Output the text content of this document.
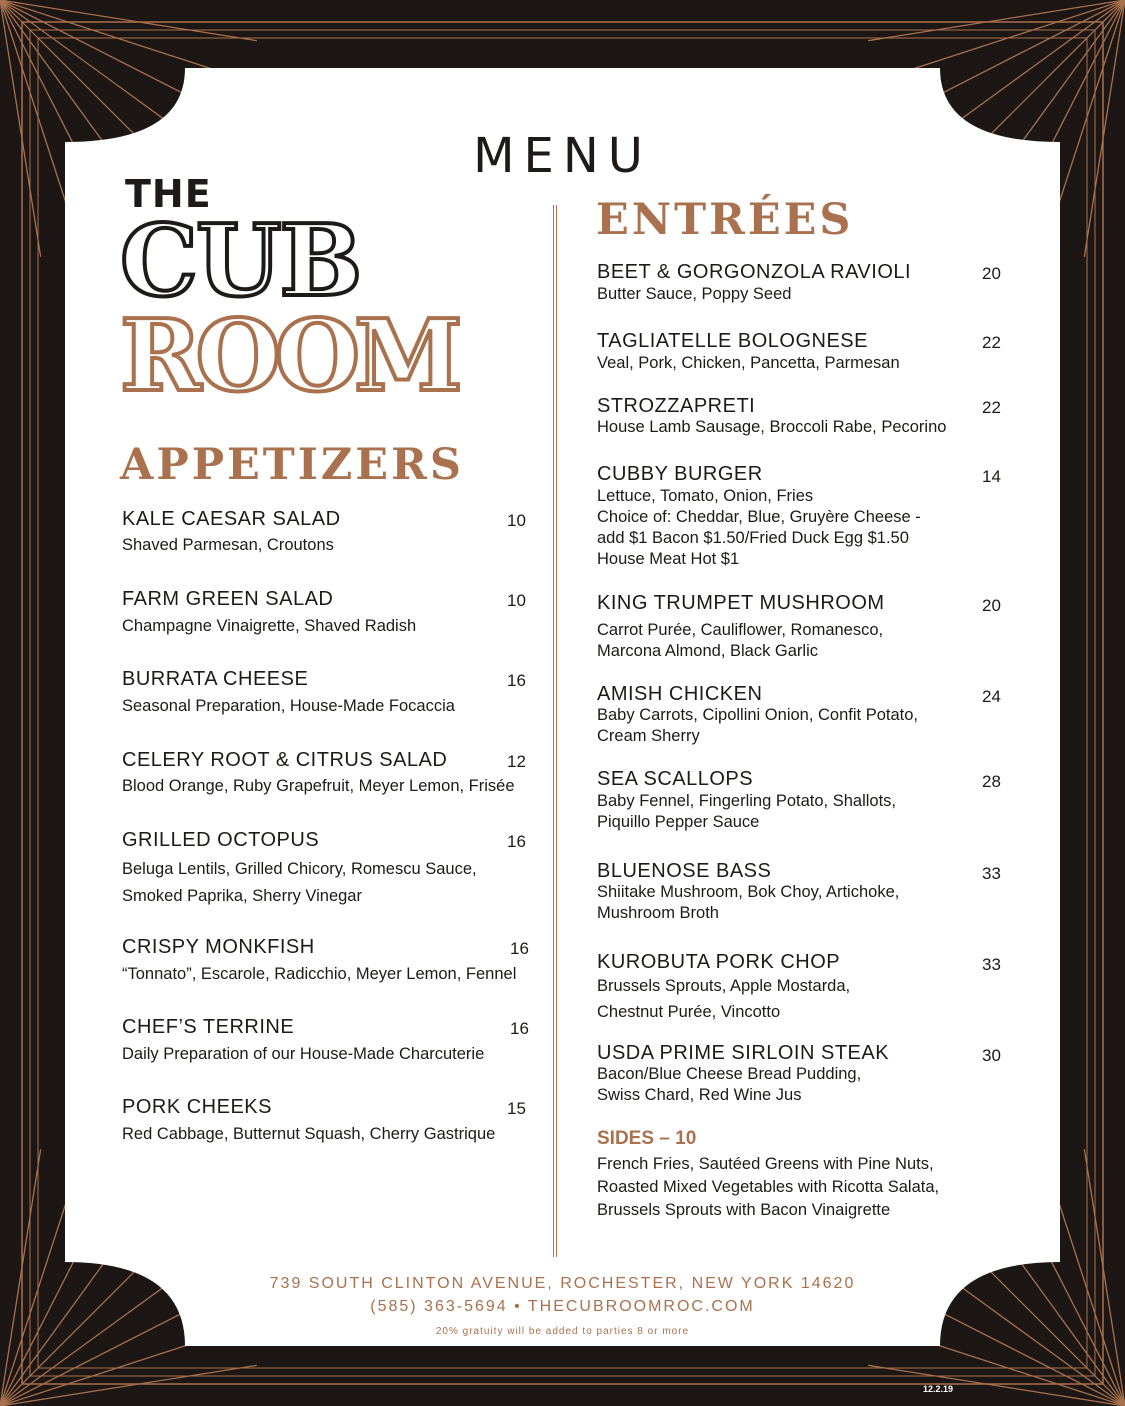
MENU
THE
CUB
ROOM
APPETIZERS
ENTRÉES
KALE CAESAR SALAD
Shaved Parmesan, Croutons
10
FARM GREEN SALAD
Champagne Vinaigrette, Shaved Radish
10
BURRATA CHEESE
Seasonal Preparation, House-Made Focaccia
16
CELERY ROOT & CITRUS SALAD
Blood Orange, Ruby Grapefruit, Meyer Lemon, Frisée
12
GRILLED OCTOPUS
Beluga Lentils, Grilled Chicory, Romescu Sauce,
Smoked Paprika, Sherry Vinegar
16
CRISPY MONKFISH
“Tonnato”, Escarole, Radicchio, Meyer Lemon, Fennel
16
CHEF’S TERRINE
Daily Preparation of our House-Made Charcuterie
16
PORK CHEEKS
Red Cabbage, Butternut Squash, Cherry Gastrique
15
BEET & GORGONZOLA RAVIOLI
Butter Sauce, Poppy Seed
20
TAGLIATELLE BOLOGNESE
Veal, Pork, Chicken, Pancetta, Parmesan
22
STROZZAPRETI
House Lamb Sausage, Broccoli Rabe, Pecorino
22
CUBBY BURGER
Lettuce, Tomato, Onion, Fries
Choice of: Cheddar, Blue, Gruyère Cheese -
add $1 Bacon $1.50/Fried Duck Egg $1.50
House Meat Hot $1
14
KING TRUMPET MUSHROOM
Carrot Purée, Cauliflower, Romanesco,
Marcona Almond, Black Garlic
20
AMISH CHICKEN
Baby Carrots, Cipollini Onion, Confit Potato,
Cream Sherry
24
SEA SCALLOPS
Baby Fennel, Fingerling Potato, Shallots,
Piquillo Pepper Sauce
28
BLUENOSE BASS
Shiitake Mushroom, Bok Choy, Artichoke,
Mushroom Broth
33
KUROBUTA PORK CHOP
Brussels Sprouts, Apple Mostarda,
Chestnut Purée, Vincotto
33
USDA PRIME SIRLOIN STEAK
Bacon/Blue Cheese Bread Pudding,
Swiss Chard, Red Wine Jus
30
SIDES – 10
French Fries, Sautéed Greens with Pine Nuts,
Roasted Mixed Vegetables with Ricotta Salata,
Brussels Sprouts with Bacon Vinaigrette
739 SOUTH CLINTON AVENUE, ROCHESTER, NEW YORK 14620
(585) 363-5694 • THECUBROOMROC.COM
20% gratuity will be added to parties 8 or more
12.2.19
